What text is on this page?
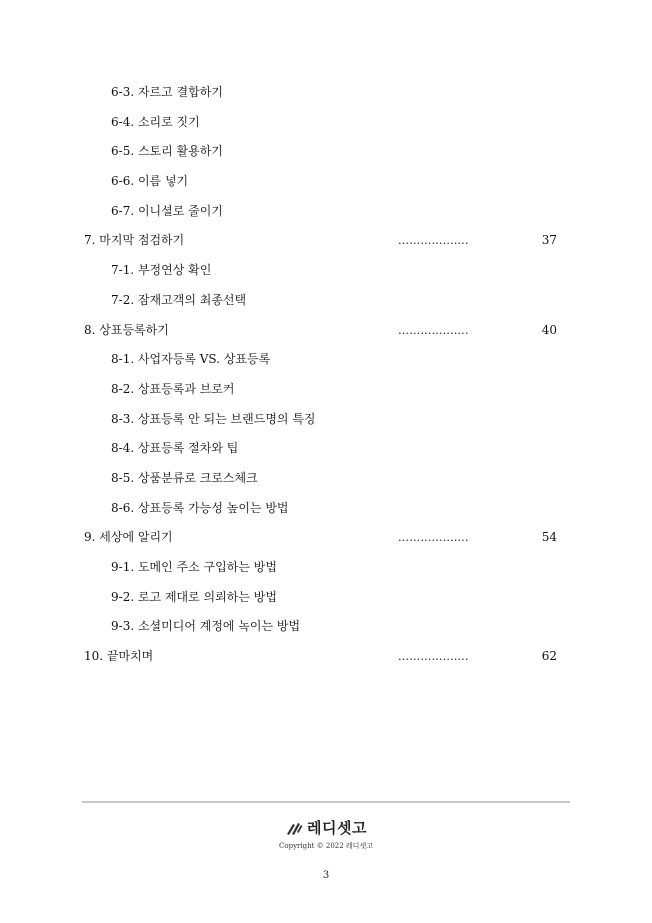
6-3. 자르고 결합하기
6-4. 소리로 짓기
6-5. 스토리 활용하기
6-6. 이름 넣기
6-7. 이니셜로 줄이기
7. 마지막 점검하기	………......….	37
7-1. 부정연상 확인
7-2. 잠재고객의 최종선택
8. 상표등록하기	………......….	40
8-1. 사업자등록 VS. 상표등록
8-2. 상표등록과 브로커
8-3. 상표등록 안 되는 브랜드명의 특징
8-4. 상표등록 절차와 팁
8-5. 상품분류로 크로스체크
8-6. 상표등록 가능성 높이는 방법
9. 세상에 알리기	………......….	54
9-1. 도메인 주소 구입하는 방법
9-2. 로고 제대로 의뢰하는 방법
9-3. 소셜미디어 계정에 녹이는 방법
10. 끝마치며	………......….	62
레디셋고
Copyright © 2022 레디셋고
3
